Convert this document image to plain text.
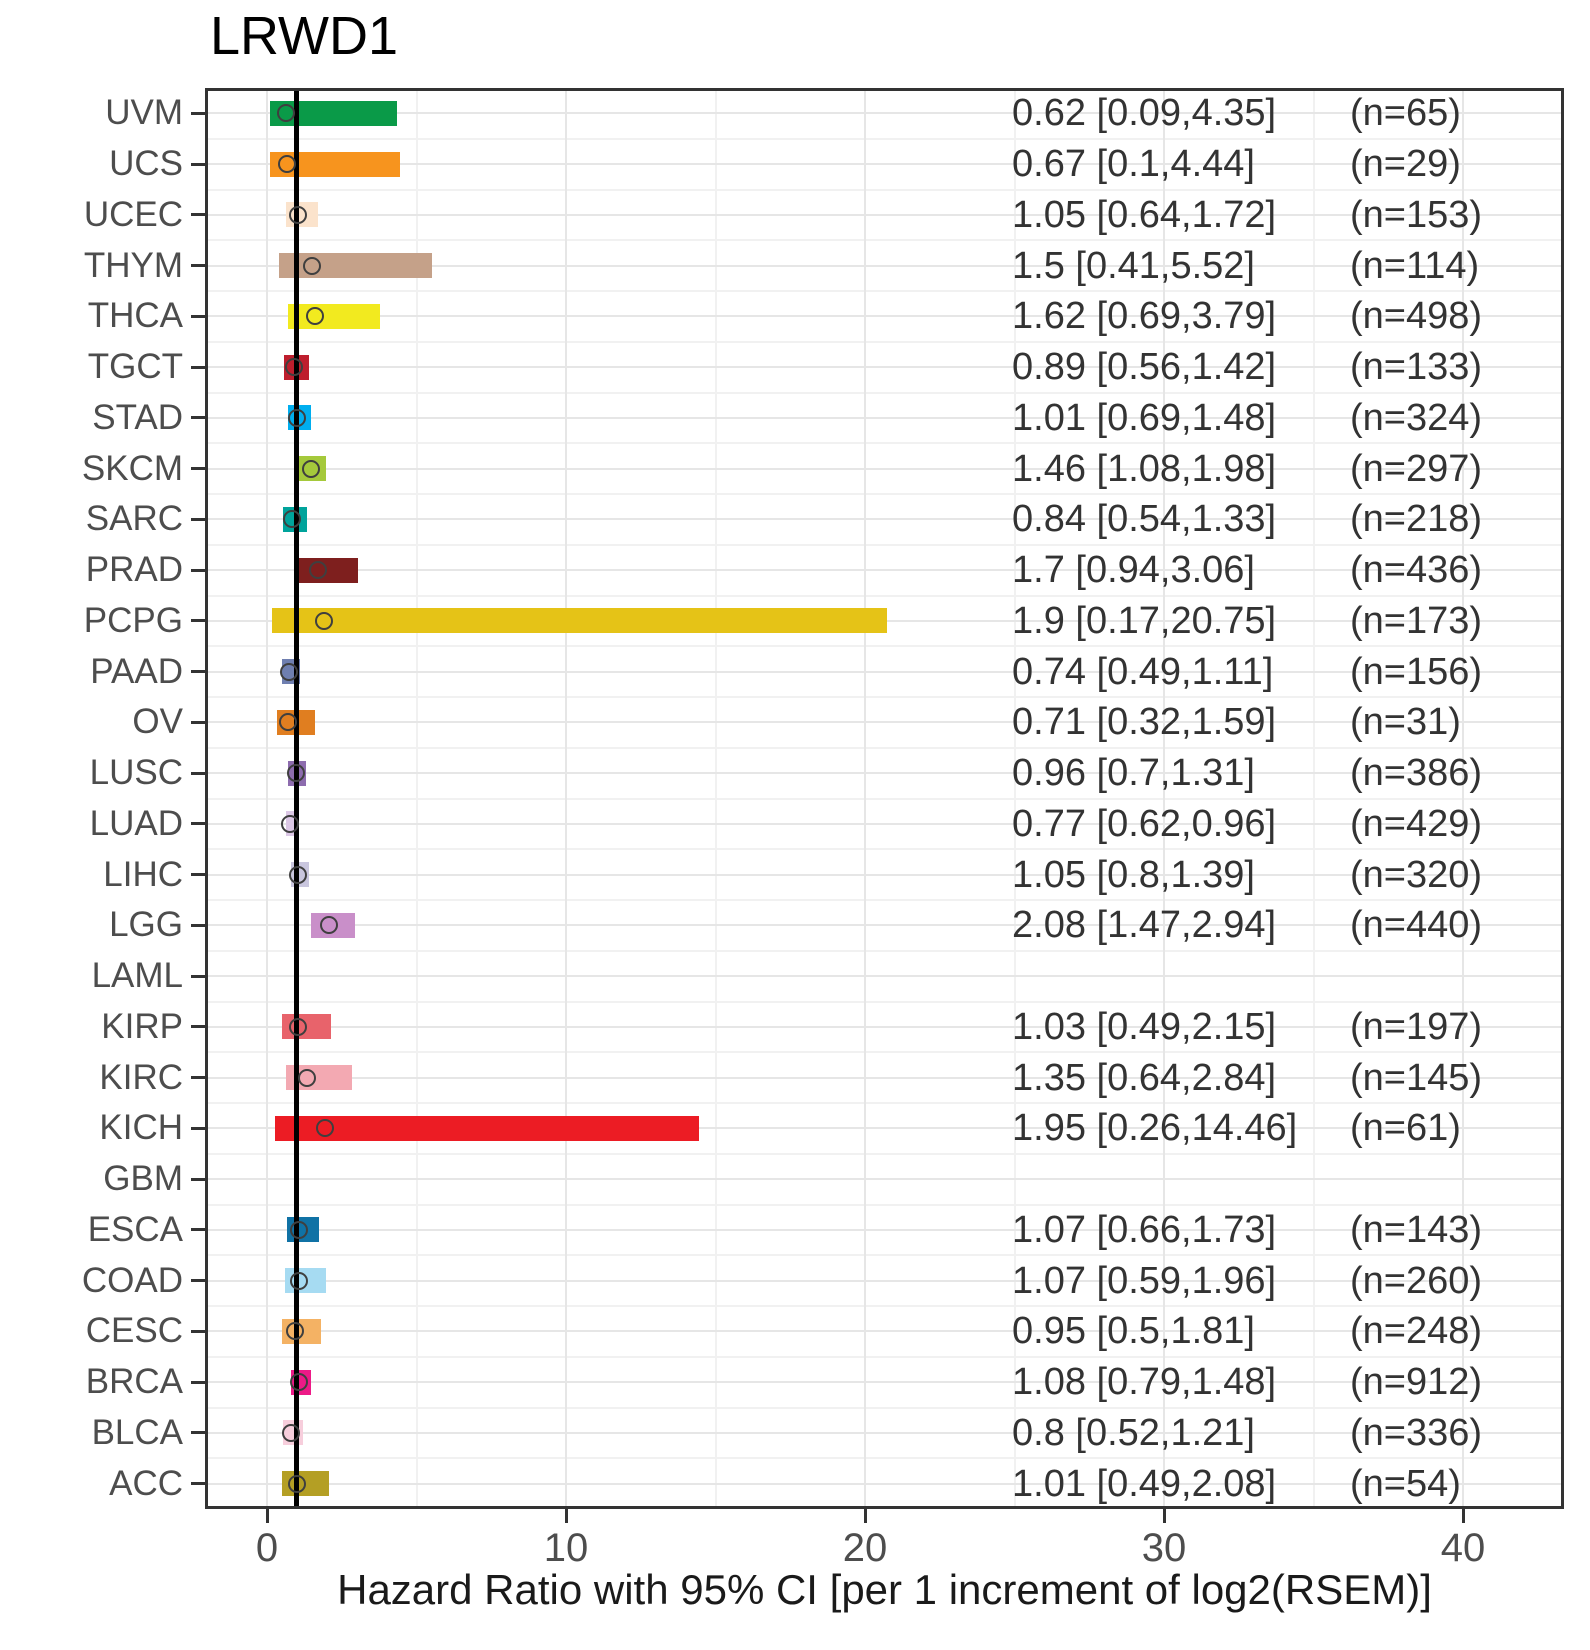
LRWD1
Hazard Ratio with 95% CI [per 1 increment of log2(RSEM)]
UVM	0.62 [0.09,4.35] (n=65)
UCS	0.67 [0.1,4.44]	(n=29)
UCEC	1.05 [0.64,1.72] (n=153)
THYM	1.5 [0.41,5.52]	(n=114)
THCA	1.62 [0.69,3.79] (n=498)
TGCT	0.89 [0.56,1.42] (n=133)
STAD	1.01 [0.69,1.48] (n=324)
SKCM	1.46 [1.08,1.98] (n=297)
SARC	0.84 [0.54,1.33] (n=218)
PRAD	1.7 [0.94,3.06]	(n=436)
PCPG	1.9 [0.17,20.75] (n=173)
PAAD	0.74 [0.49,1.11] (n=156)
OV	0.71 [0.32,1.59] (n=31)
LUSC	0.96 [0.7,1.31]	(n=386)
LUAD	0.77 [0.62,0.96] (n=429)
LIHC	1.05 [0.8,1.39]	(n=320)
LGG	2.08 [1.47,2.94] (n=440)
LAML
KIRP	1.03 [0.49,2.15] (n=197)
KIRC	1.35 [0.64,2.84] (n=145)
KICH	1.95 [0.26,14.46] (n=61)
GBM
ESCA	1.07 [0.66,1.73] (n=143)
COAD	1.07 [0.59,1.96] (n=260)
CESC	0.95 [0.5,1.81]	(n=248)
BRCA	1.08 [0.79,1.48] (n=912)
BLCA	0.8 [0.52,1.21]	(n=336)
ACC	1.01 [0.49,2.08] (n=54)
0	10	20	30	40
